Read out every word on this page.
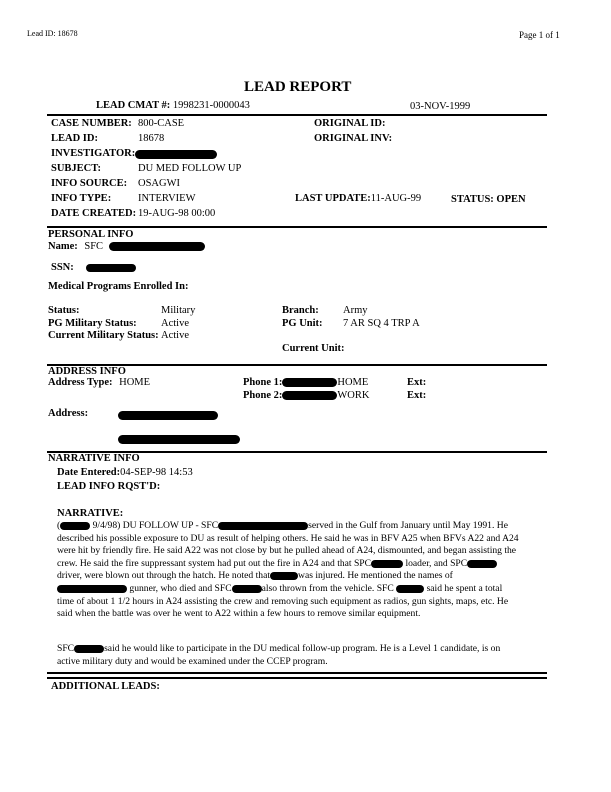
Lead ID: 18678	Page 1 of 1
LEAD REPORT
LEAD CMAT #: 1998231-0000043	03-NOV-1999
CASE NUMBER: 800-CASE
LEAD ID:	18678
INVESTIGATOR:
SUBJECT:	DU MED FOLLOW UP
INFO SOURCE: OSAGWI
INFO TYPE:	INTERVIEW
DATE CREATED: 19-AUG-98 00:00
ORIGINAL ID:
ORIGINAL INV:
LAST UPDATE:11-AUG-99	STATUS: OPEN
PERSONAL INFO
Name: SFC
SSN:
Medical Programs Enrolled In:
Status:	Military
PG Military Status: Active
Current Military Status: Active
Branch: Army
PG Unit: 7 AR SQ 4 TRP A
Current Unit:
ADDRESS INFO
Address Type: HOME	Phone 1:	HOME	Ext:
Phone 2:	WORK	Ext:
Address:
NARRATIVE INFO
Date Entered:04-SEP-98 14:53
LEAD INFO RQST'D:
NARRATIVE:
(	9/4/98) DU FOLLOW UP - SFC	served in the Gulf from January until May 1991. He described his possible exposure to DU as result of helping others. He said he was in BFV A25 when BFVs A22 and A24 were hit by friendly fire. He said A22 was not close by but he pulled ahead of A24, dismounted, and began assisting the crew. He said the fire suppressant system had put out the fire in A24 and that SPC	loader, and SPC driver, were blown out through the hatch. He noted that	was injured. He mentioned the names of gunner, who died and SFC	also thrown from the vehicle. SFC	said he spent a total time of about 1 1/2 hours in A24 assisting the crew and removing such equipment as radios, gun sights, maps, etc. He said when the battle was over he went to A22 within a few hours to remove similar equipment.
SFC	said he would like to participate in the DU medical follow-up program. He is a Level 1 candidate, is on active military duty and would be examined under the CCEP program.
ADDITIONAL LEADS:
